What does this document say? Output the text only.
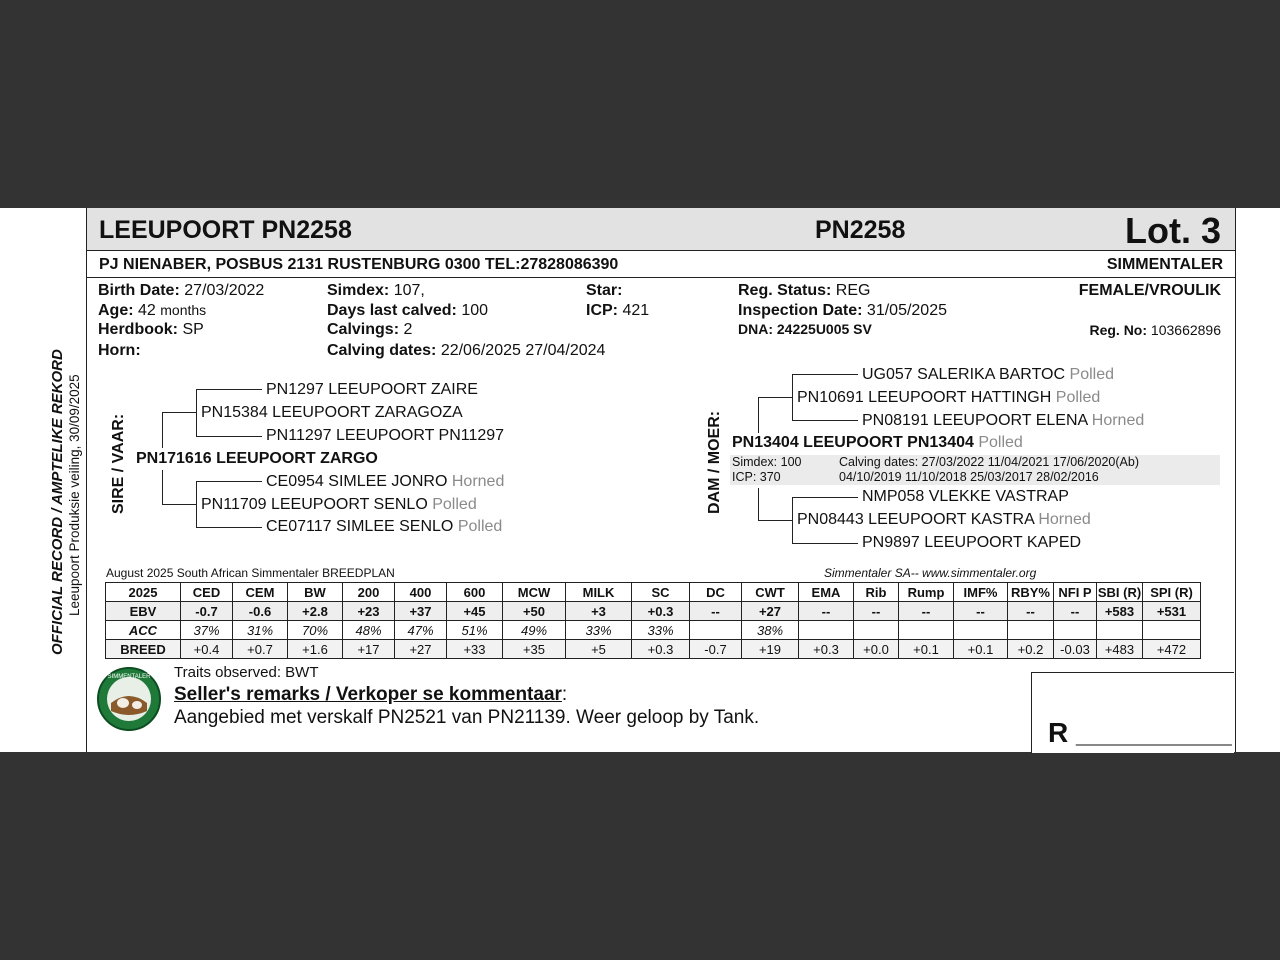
LEEUPOORT PN2258	PN2258	Lot. 3
PJ NIENABER, POSBUS 2131 RUSTENBURG 0300 TEL:27828086390	SIMMENTALER
Birth Date: 27/03/2022
Age: 42 months
Herdbook: SP
Horn:
Simdex: 107,
Days last calved: 100
Calvings: 2
Calving dates: 22/06/2025 27/04/2024
Star:
ICP: 421
Reg. Status: REG
Inspection Date: 31/05/2025
DNA: 24225U005 SV
FEMALE/VROULIK
Reg. No: 103662896
OFFICIAL RECORD / AMPTELIKE REKORD Leeupoort Produksie veiling, 30/09/2025 SIRE / VAAR: PN171616 LEEUPOORT ZARGO
PN15384 LEEUPOORT ZARAGOZA
PN1297 LEEUPOORT ZAIRE
PN11297 LEEUPOORT PN11297
PN11709 LEEUPOORT SENLO Polled
CE0954 SIMLEE JONRO Horned
CE07117 SIMLEE SENLO Polled
DAM / MOER: PN13404 LEEUPOORT PN13404 Polled
PN10691 LEEUPOORT HATTINGH Polled
UG057 SALERIKA BARTOC Polled
PN08191 LEEUPOORT ELENA Horned
PN08443 LEEUPOORT KASTRA Horned
NMP058 VLEKKE VASTRAP
PN9897 LEEUPOORT KAPED
Simdex: 100
ICP: 370
Calving dates: 27/03/2022 11/04/2021 17/06/2020(Ab)
04/10/2019 11/10/2018 25/03/2017 28/02/2016
August 2025 South African Simmentaler BREEDPLAN	Simmentaler SA-- www.simmentaler.org
2025	CED	CEM	BW	200	400	600	MCW	MILK	SC	DC	CWT	EMA	Rib	Rump	IMF%	RBY%	NFI P	SBI (R)	SPI (R)
EBV	-0.7	-0.6	+2.8	+23	+37	+45	+50	+3	+0.3	--	+27	--	--	--	--	--	--	+583	+531
ACC	37%	31%	70%	48%	47%	51%	49%	33%	33%		38%								
BREED	+0.4	+0.7	+1.6	+17	+27	+33	+35	+5	+0.3	-0.7	+19	+0.3	+0.0	+0.1	+0.1	+0.2	-0.03	+483	+472
SIMMENTALER Traits observed: BWT
Seller's remarks / Verkoper se kommentaar:
Aangebied met verskalf PN2521 van PN21139. Weer geloop by Tank.	R __________
